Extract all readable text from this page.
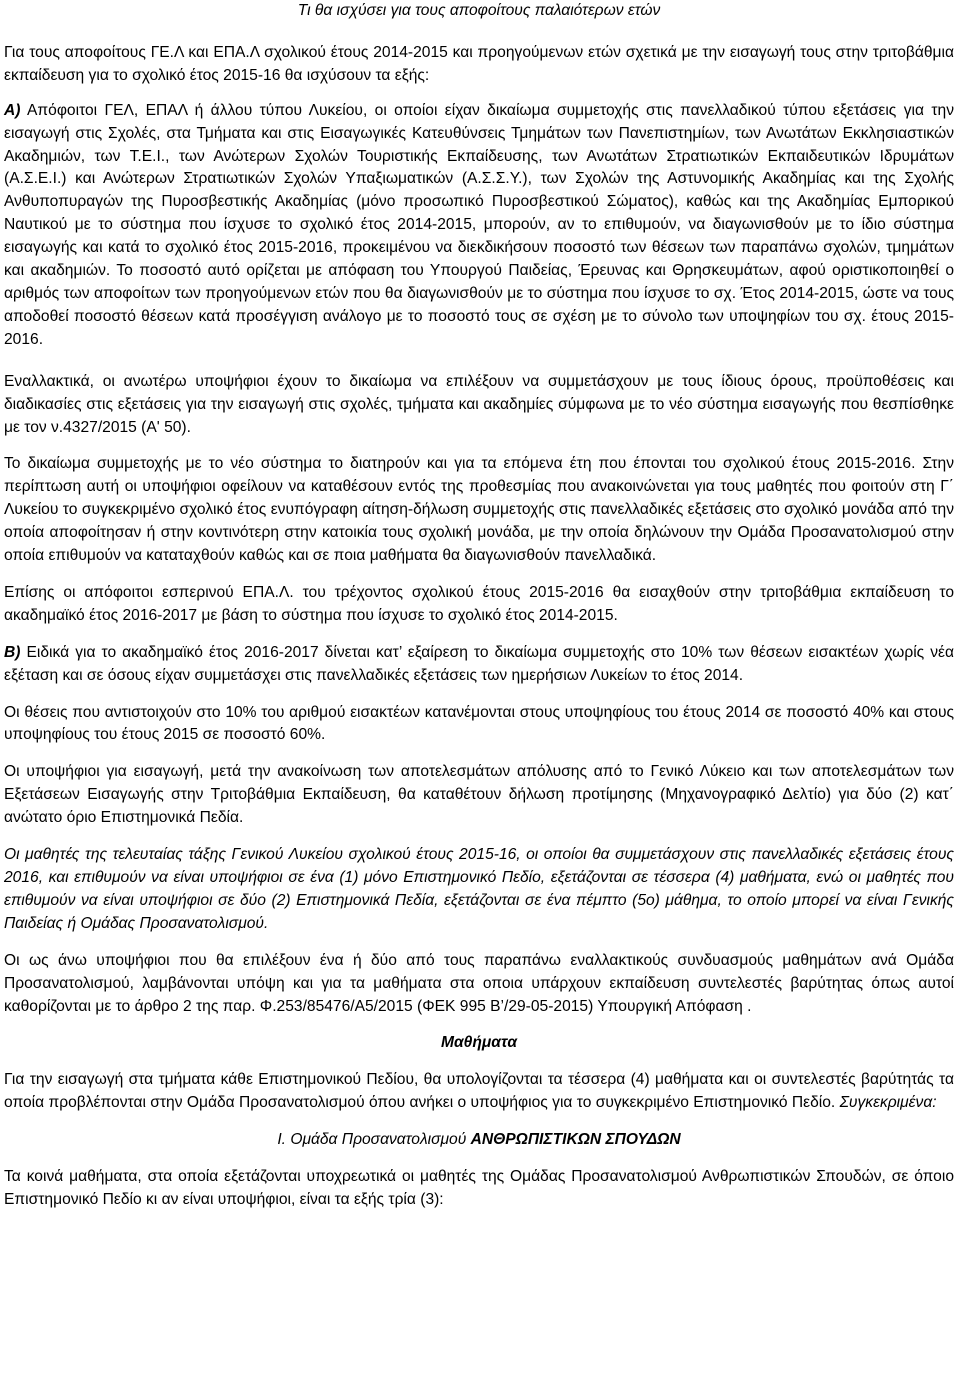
Τι θα ισχύσει για τους αποφοίτους παλαιότερων ετών

Για τους αποφοίτους ΓΕ.Λ και ΕΠΑ.Λ σχολικού έτους 2014-2015 και προηγούμενων ετών σχετικά με την εισαγωγή τους στην τριτοβάθμια εκπαίδευση για το σχολικό έτος 2015-16 θα ισχύσουν τα εξής:

Α) Απόφοιτοι ΓΕΛ, ΕΠΑΛ ή άλλου τύπου Λυκείου, οι οποίοι είχαν δικαίωμα συμμετοχής στις πανελλαδικού τύπου εξετάσεις για την εισαγωγή στις Σχολές, στα Τμήματα και στις Εισαγωγικές Κατευθύνσεις Τμημάτων των Πανεπιστημίων, των Ανωτάτων Εκκλησιαστικών Ακαδημιών, των Τ.Ε.Ι., των Ανώτερων Σχολών Τουριστικής Εκπαίδευσης, των Ανωτάτων Στρατιωτικών Εκπαιδευτικών Ιδρυμάτων (Α.Σ.Ε.Ι.) και Ανώτερων Στρατιωτικών Σχολών Υπαξιωματικών (Α.Σ.Σ.Υ.), των Σχολών της Αστυνομικής Ακαδημίας και της Σχολής Ανθυποπυραγών της Πυροσβεστικής Ακαδημίας (μόνο προσωπικό Πυροσβεστικού Σώματος), καθώς και της Ακαδημίας Εμπορικού Ναυτικού με το σύστημα που ίσχυσε το σχολικό έτος 2014-2015, μπορούν, αν το επιθυμούν, να διαγωνισθούν με το ίδιο σύστημα εισαγωγής και κατά το σχολικό έτος 2015-2016, προκειμένου να διεκδικήσουν ποσοστό των θέσεων των παραπάνω σχολών, τμημάτων και ακαδημιών. Το ποσοστό αυτό ορίζεται με απόφαση του Υπουργού Παιδείας, Έρευνας και Θρησκευμάτων, αφού οριστικοποιηθεί ο αριθμός των αποφοίτων των προηγούμενων ετών που θα διαγωνισθούν με το σύστημα που ίσχυσε το σχ. Έτος 2014-2015, ώστε να τους αποδοθεί ποσοστό θέσεων κατά προσέγγιση ανάλογο με το ποσοστό τους σε σχέση με το σύνολο των υποψηφίων του σχ. έτους 2015-2016.

Εναλλακτικά, οι ανωτέρω υποψήφιοι έχουν το δικαίωμα να επιλέξουν να συμμετάσχουν με τους ίδιους όρους, προϋποθέσεις και διαδικασίες στις εξετάσεις για την εισαγωγή στις σχολές, τμήματα και ακαδημίες σύμφωνα με το νέο σύστημα εισαγωγής που θεσπίσθηκε με τον ν.4327/2015 (Α' 50).

Το δικαίωμα συμμετοχής με το νέο σύστημα το διατηρούν και για τα επόμενα έτη που έπονται του σχολικού έτους 2015-2016. Στην περίπτωση αυτή οι υποψήφιοι οφείλουν να καταθέσουν εντός της προθεσμίας που ανακοινώνεται για τους μαθητές που φοιτούν στη Γ΄ Λυκείου το συγκεκριμένο σχολικό έτος ενυπόγραφη αίτηση-δήλωση συμμετοχής στις πανελλαδικές εξετάσεις στο σχολικό μονάδα από την οποία αποφοίτησαν ή στην κοντινότερη στην κατοικία τους σχολική μονάδα, με την οποία δηλώνουν την Ομάδα Προσανατολισμού στην οποία επιθυμούν να καταταχθούν καθώς και σε ποια μαθήματα θα διαγωνισθούν πανελλαδικά.

Επίσης οι απόφοιτοι εσπερινού ΕΠΑ.Λ. του τρέχοντος σχολικού έτους 2015-2016 θα εισαχθούν στην τριτοβάθμια εκπαίδευση το ακαδημαϊκό έτος 2016-2017 με βάση το σύστημα που ίσχυσε το σχολικό έτος 2014-2015.

Β) Ειδικά για το ακαδημαϊκό έτος 2016-2017 δίνεται κατ’ εξαίρεση το δικαίωμα συμμετοχής στο 10% των θέσεων εισακτέων χωρίς νέα εξέταση και σε όσους είχαν συμμετάσχει στις πανελλαδικές εξετάσεις των ημερήσιων Λυκείων το έτος 2014.

Οι θέσεις που αντιστοιχούν στο 10% του αριθμού εισακτέων κατανέμονται στους υποψηφίους του έτους 2014 σε ποσοστό 40% και στους υποψηφίους του έτους 2015 σε ποσοστό 60%.

Οι υποψήφιοι για εισαγωγή, μετά την ανακοίνωση των αποτελεσμάτων απόλυσης από το Γενικό Λύκειο και των αποτελεσμάτων των Εξετάσεων Εισαγωγής στην Τριτοβάθμια Εκπαίδευση, θα καταθέτουν δήλωση προτίμησης (Μηχανογραφικό Δελτίο) για δύο (2) κατ΄ ανώτατο όριο Επιστημονικά Πεδία.

Οι μαθητές της τελευταίας τάξης Γενικού Λυκείου σχολικού έτους 2015-16, οι οποίοι θα συμμετάσχουν στις πανελλαδικές εξετάσεις έτους 2016, και επιθυμούν να είναι υποψήφιοι σε ένα (1) μόνο Επιστημονικό Πεδίο, εξετάζονται σε τέσσερα (4) μαθήματα, ενώ οι μαθητές που επιθυμούν να είναι υποψήφιοι σε δύο (2) Επιστημονικά Πεδία, εξετάζονται σε ένα πέμπτο (5ο) μάθημα, το οποίο μπορεί να είναι Γενικής Παιδείας ή Ομάδας Προσανατολισμού.

Οι ως άνω υποψήφιοι που θα επιλέξουν ένα ή δύο από τους παραπάνω εναλλακτικούς συνδυασμούς μαθημάτων ανά Ομάδα Προσανατολισμού, λαμβάνονται υπόψη και για τα μαθήματα στα οποια υπάρχουν εκπαίδευση συντελεστές βαρύτητας όπως αυτοί καθορίζονται με το άρθρο 2 της παρ. Φ.253/85476/Α5/2015 (ΦΕΚ 995 Β’/29-05-2015) Υπουργική Απόφαση .

Μαθήματα

Για την εισαγωγή στα τμήματα κάθε Επιστημονικού Πεδίου, θα υπολογίζονται τα τέσσερα (4) μαθήματα και οι συντελεστές βαρύτητάς τα οποία προβλέπονται στην Ομάδα Προσανατολισμού όπου ανήκει ο υποψήφιος για το συγκεκριμένο Επιστημονικό Πεδίο. Συγκεκριμένα:

Ι. Ομάδα Προσανατολισμού ΑΝΘΡΩΠΙΣΤΙΚΩΝ ΣΠΟΥΔΩΝ

Τα κοινά μαθήματα, στα οποία εξετάζονται υποχρεωτικά οι μαθητές της Ομάδας Προσανατολισμού Ανθρωπιστικών Σπουδών, σε όποιο Επιστημονικό Πεδίο κι αν είναι υποψήφιοι, είναι τα εξής τρία (3):
